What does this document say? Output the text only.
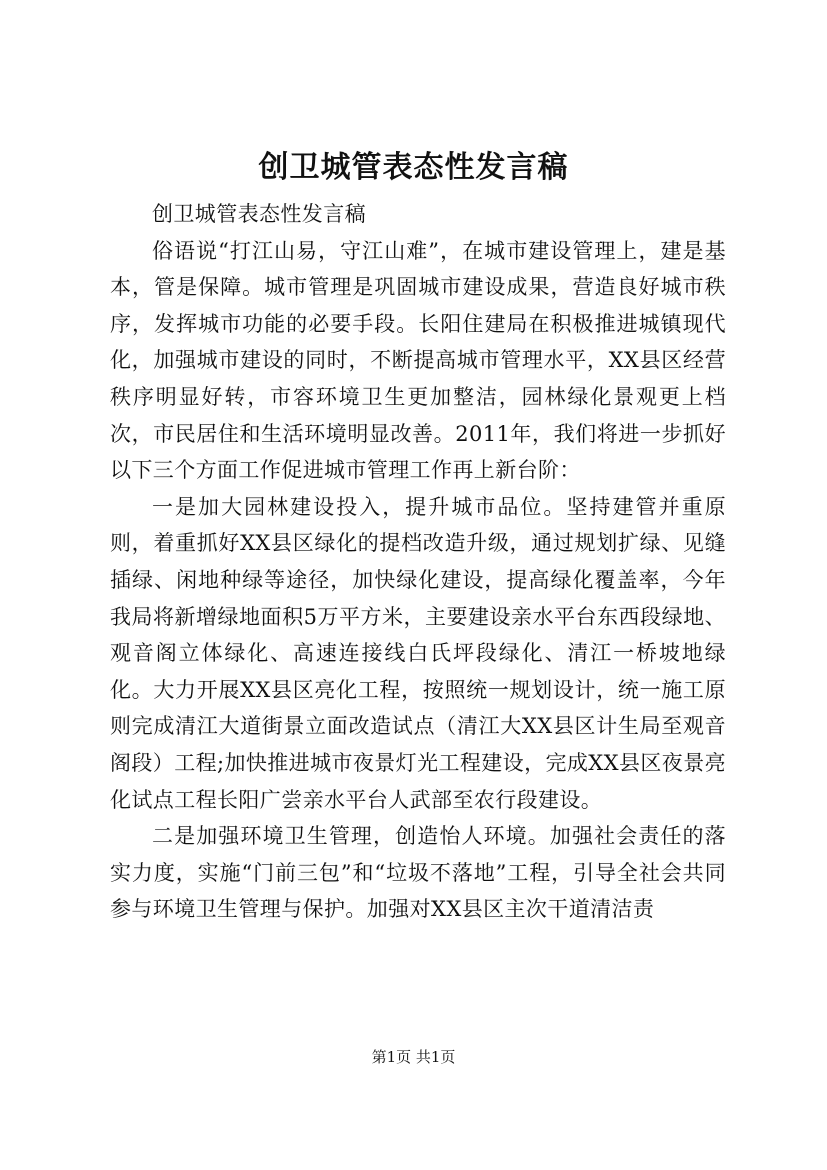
创卫城管表态性发言稿

创卫城管表态性发言稿

俗语说“打江山易，守江山难”，在城市建设管理上，建是基本，管是保障。城市管理是巩固城市建设成果，营造良好城市秩序，发挥城市功能的必要手段。长阳住建局在积极推进城镇现代化，加强城市建设的同时，不断提高城市管理水平，XX县区经营秩序明显好转，市容环境卫生更加整洁，园林绿化景观更上档次，市民居住和生活环境明显改善。2011年，我们将进一步抓好以下三个方面工作促进城市管理工作再上新台阶：

一是加大园林建设投入，提升城市品位。坚持建管并重原则，着重抓好XX县区绿化的提档改造升级，通过规划扩绿、见缝插绿、闲地种绿等途径，加快绿化建设，提高绿化覆盖率，今年我局将新增绿地面积5万平方米，主要建设亲水平台东西段绿地、观音阁立体绿化、高速连接线白氏坪段绿化、清江一桥坡地绿化。大力开展XX县区亮化工程，按照统一规划设计，统一施工原则完成清江大道街景立面改造试点（清江大XX县区计生局至观音阁段）工程;加快推进城市夜景灯光工程建设，完成XX县区夜景亮化试点工程长阳广尝亲水平台人武部至农行段建设。

二是加强环境卫生管理，创造怡人环境。加强社会责任的落实力度，实施“门前三包”和“垃圾不落地”工程，引导全社会共同参与环境卫生管理与保护。加强对XX县区主次干道清洁责

第1页 共1页
